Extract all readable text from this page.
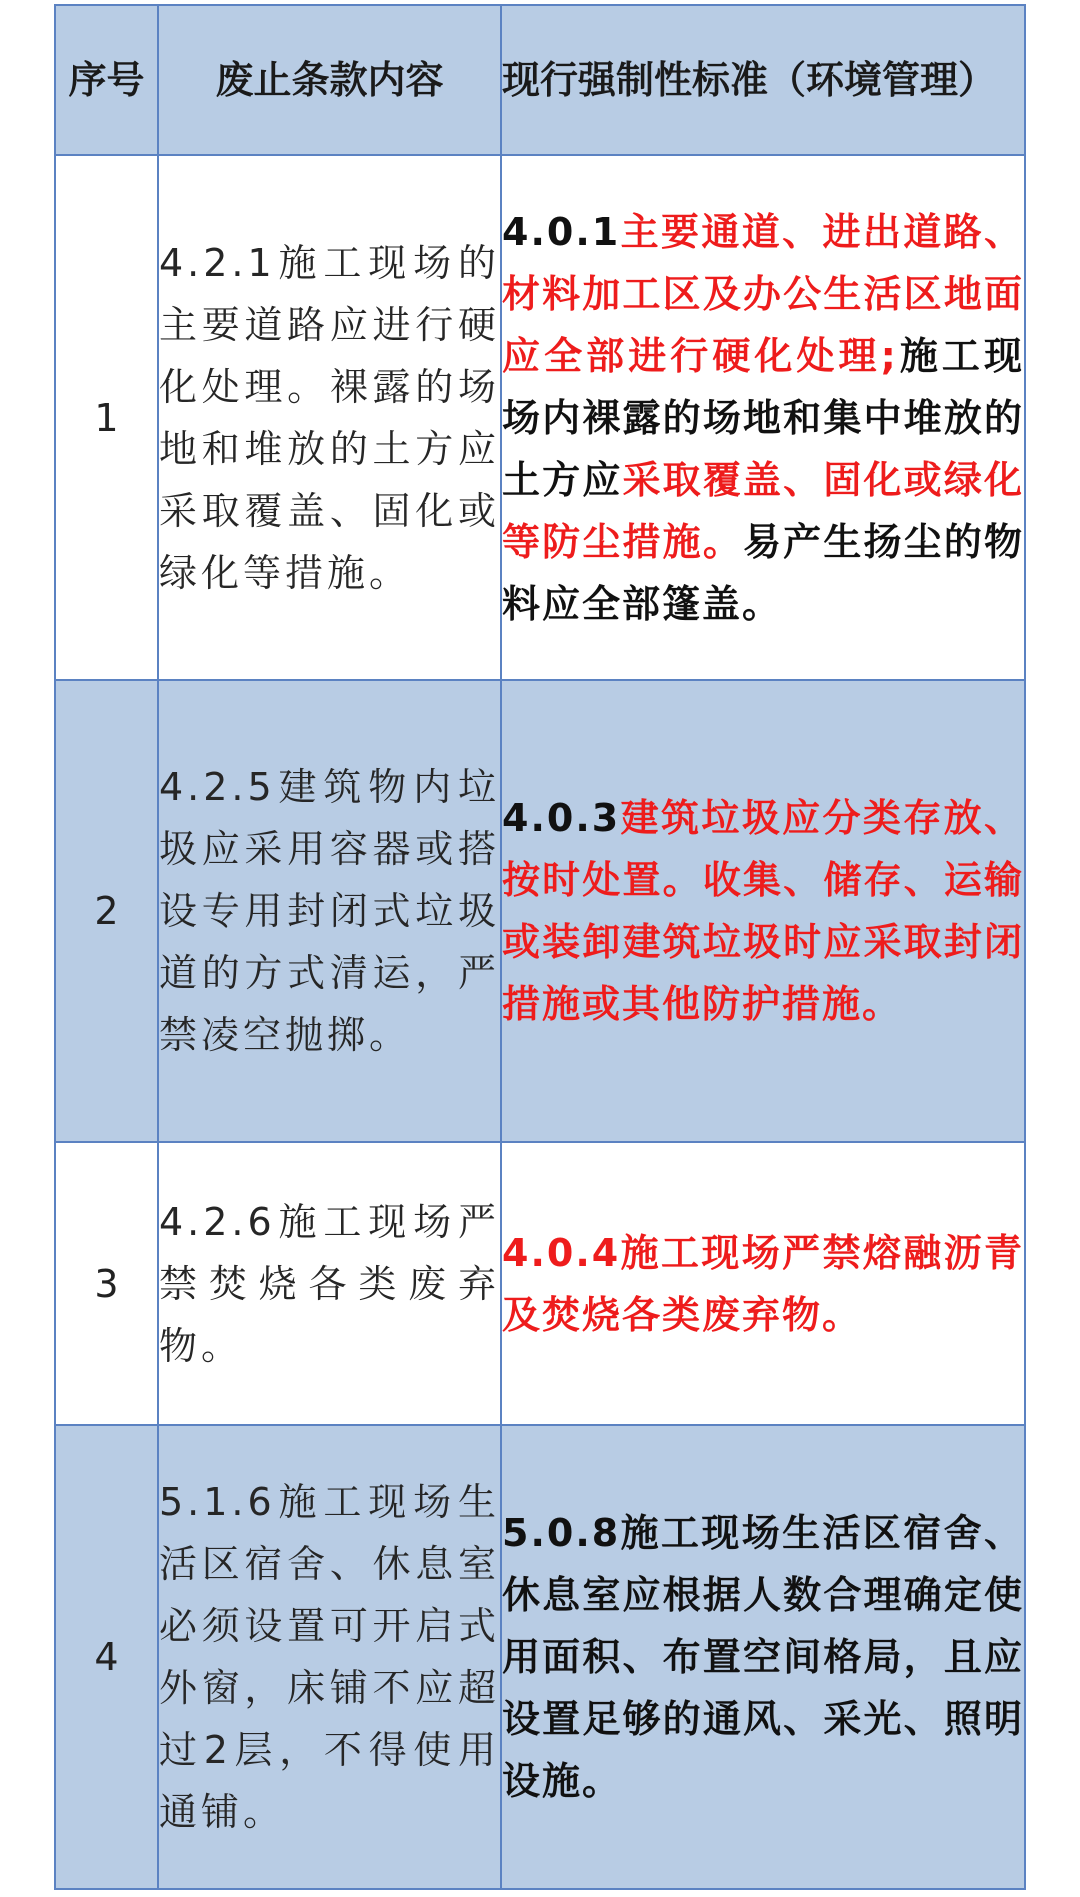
序号	废止条款内容	现行强制性标准（环境管理）
1	4.2.1施工现场的主要道路应进行硬化处理。裸露的场地和堆放的土方应采取覆盖、固化或绿化等措施。	4.0.1主要通道、进出道路、材料加工区及办公生活区地面应全部进行硬化处理;施工现场内裸露的场地和集中堆放的土方应采取覆盖、固化或绿化等防尘措施。易产生扬尘的物料应全部篷盖。
2	4.2.5建筑物内垃圾应采用容器或搭设专用封闭式垃圾道的方式清运，严禁凌空抛掷。	4.0.3建筑垃圾应分类存放、按时处置。收集、储存、运输或装卸建筑垃圾时应采取封闭措施或其他防护措施。
3	4.2.6施工现场严禁焚烧各类废弃物。	4.0.4施工现场严禁熔融沥青及焚烧各类废弃物。
4	5.1.6施工现场生活区宿舍、休息室必须设置可开启式外窗，床铺不应超过2层，不得使用通铺。	5.0.8施工现场生活区宿舍、休息室应根据人数合理确定使用面积、布置空间格局，且应设置足够的通风、采光、照明设施。
